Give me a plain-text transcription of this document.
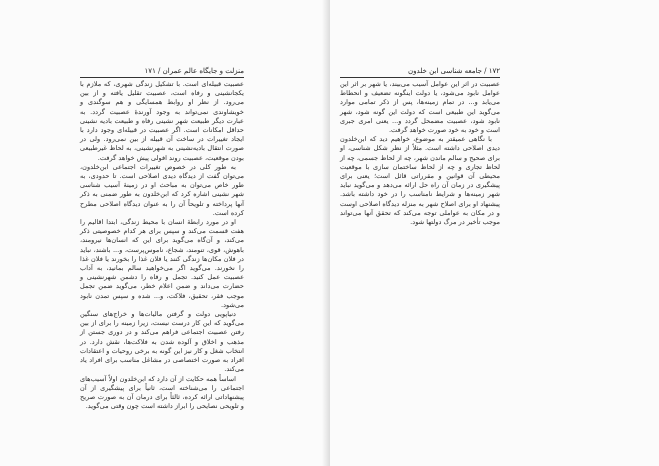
منزلت و جایگاه عالم عمران / ۱۷۱

عصبیت قبیله‌ای است. با تشکیل زندگی شهری، که ملازم با یکجانشینی و رفاه است، عصبیت تقلیل یافته و از بین می‌رود. از نظر او روابط همسایگی و هم سوگندی و خویشاوندی نمی‌تواند به وجود آورندهٔ عصبیت گردد. به عبارت دیگر طبیعت شهر نشینی رفاه و طبیعت بادیه نشینی حداقل امکانات است. اگر عصبیت در قبیله‌ای وجود دارد با ایجاد تغییرات در ساخت آن قبیله از بین نمی‌رود. ولی در صورت انتقال بادیه‌نشینی به شهرنشینی، به لحاظ غیرطبیعی بودن موقعیت، عصبیت روند افولی پیش خواهد گرفت.

به طور کلی در خصوص تغییرات اجتماعی ابن‌خلدون، می‌توان گفت از دیدگاه دیدی اصلاحی است. تا حدودی، به طور خاص می‌توان به مباحث او در زمینهٔ آسیب شناسی شهر نشینی اشاره کرد که ابن‌خلدون به طور ضمنی به ذکر آنها پرداخته و تلویحاً آن را به عنوان دیدگاه اصلاحی مطرح کرده است.

او در مورد رابطهٔ انسان با محیط زندگی، ابتدا اقالیم را هفت قسمت می‌کند و سپس برای هر کدام خصوصیتی ذکر می‌کند، و آن‌گاه می‌گوید برای این که انسان‌ها نیرومند، باهوش، قوی، تنومند، شجاع، ناموس‌پرست، و... باشند، نباید در فلان مکان‌ها زندگی کنند یا فلان غذا را بخورند یا فلان غذا را نخورند. می‌گوید اگر می‌خواهید سالم بمانید، به آداب عصبیت عمل کنید. تجمل و رفاه را دشمن شهرنشینی و حضارت می‌داند و ضمن اعلام خطر، می‌گوید ضمن تجمل موجب فقر، تحقیق، فلاکت، و... شده و سپس تمدن نابود می‌شود.

دنیاپویی دولت و گرفتن مالیات‌ها و خراج‌های سنگین می‌گوید که این کار درست نیست، زیرا زمینه را برای از بین رفتن عصبیت اجتماعی فراهم می‌کند و در دوری جستن از مذهب و اخلاق و آلوده شدن به فلاکت‌ها، نقش دارد. در انتخاب شغل و کار نیز این گونه به برخی روحیات و اعتقادات افراد به صورت اختصاصی در مشاغل مناسب برای افراد یاد می‌کند.

اساساً همه حکایت از آن دارد که ابن‌خلدون اولاً آسیب‌های اجتماعی را می‌شناخته است، ثانیاً برای پیشگیری از آن پیشنهاداتی ارائه کرده، ثالثاً برای درمان آن به صورت صریح و تلویحی نصایحی را ابراز داشته است چون وقتی می‌گوید.

۱۷۲ / جامعه شناسی ابن خلدون

عصبیت در اثر این عوامل آسیب می‌بیند، یا شهر بر اثر این عوامل نابود می‌شود، یا دولت اینگونه تضعیف و انحطاط می‌یابد و... در تمام زمینه‌ها، پس از ذکر تمامی موارد می‌گوید این طبیعی است که دولت این گونه شود، شهر نابود شود، عصبیت مضمحل گردد و... یعنی امری جبری است و خود به خود صورت خواهد گرفت.

با نگاهی عمیقتر به موضوع، خواهیم دید که ابن‌خلدون دیدی اصلاحی داشته است. مثلاً از نظر شکل شناسی، او برای صحیح و سالم ماندن شهر، چه از لحاظ جسمی، چه از لحاظ تجاری و چه از لحاظ ساختمان سازی با موقعیت محیطی آن قوانین و مقرراتی قائل است؛ یعنی برای پیشگیری در زمان آن راه حل ارائه می‌دهد و می‌گوید نباید شهر زمینه‌ها و شرایط نامناسب را در خود داشته باشد. پیشنهاد او برای اصلاح شهر به منزله دیدگاه اصلاحی اوست و در مکان به عواملی توجه می‌کند که تحقق آنها می‌تواند موجب تأخیر در مرگ دولتها شود.
